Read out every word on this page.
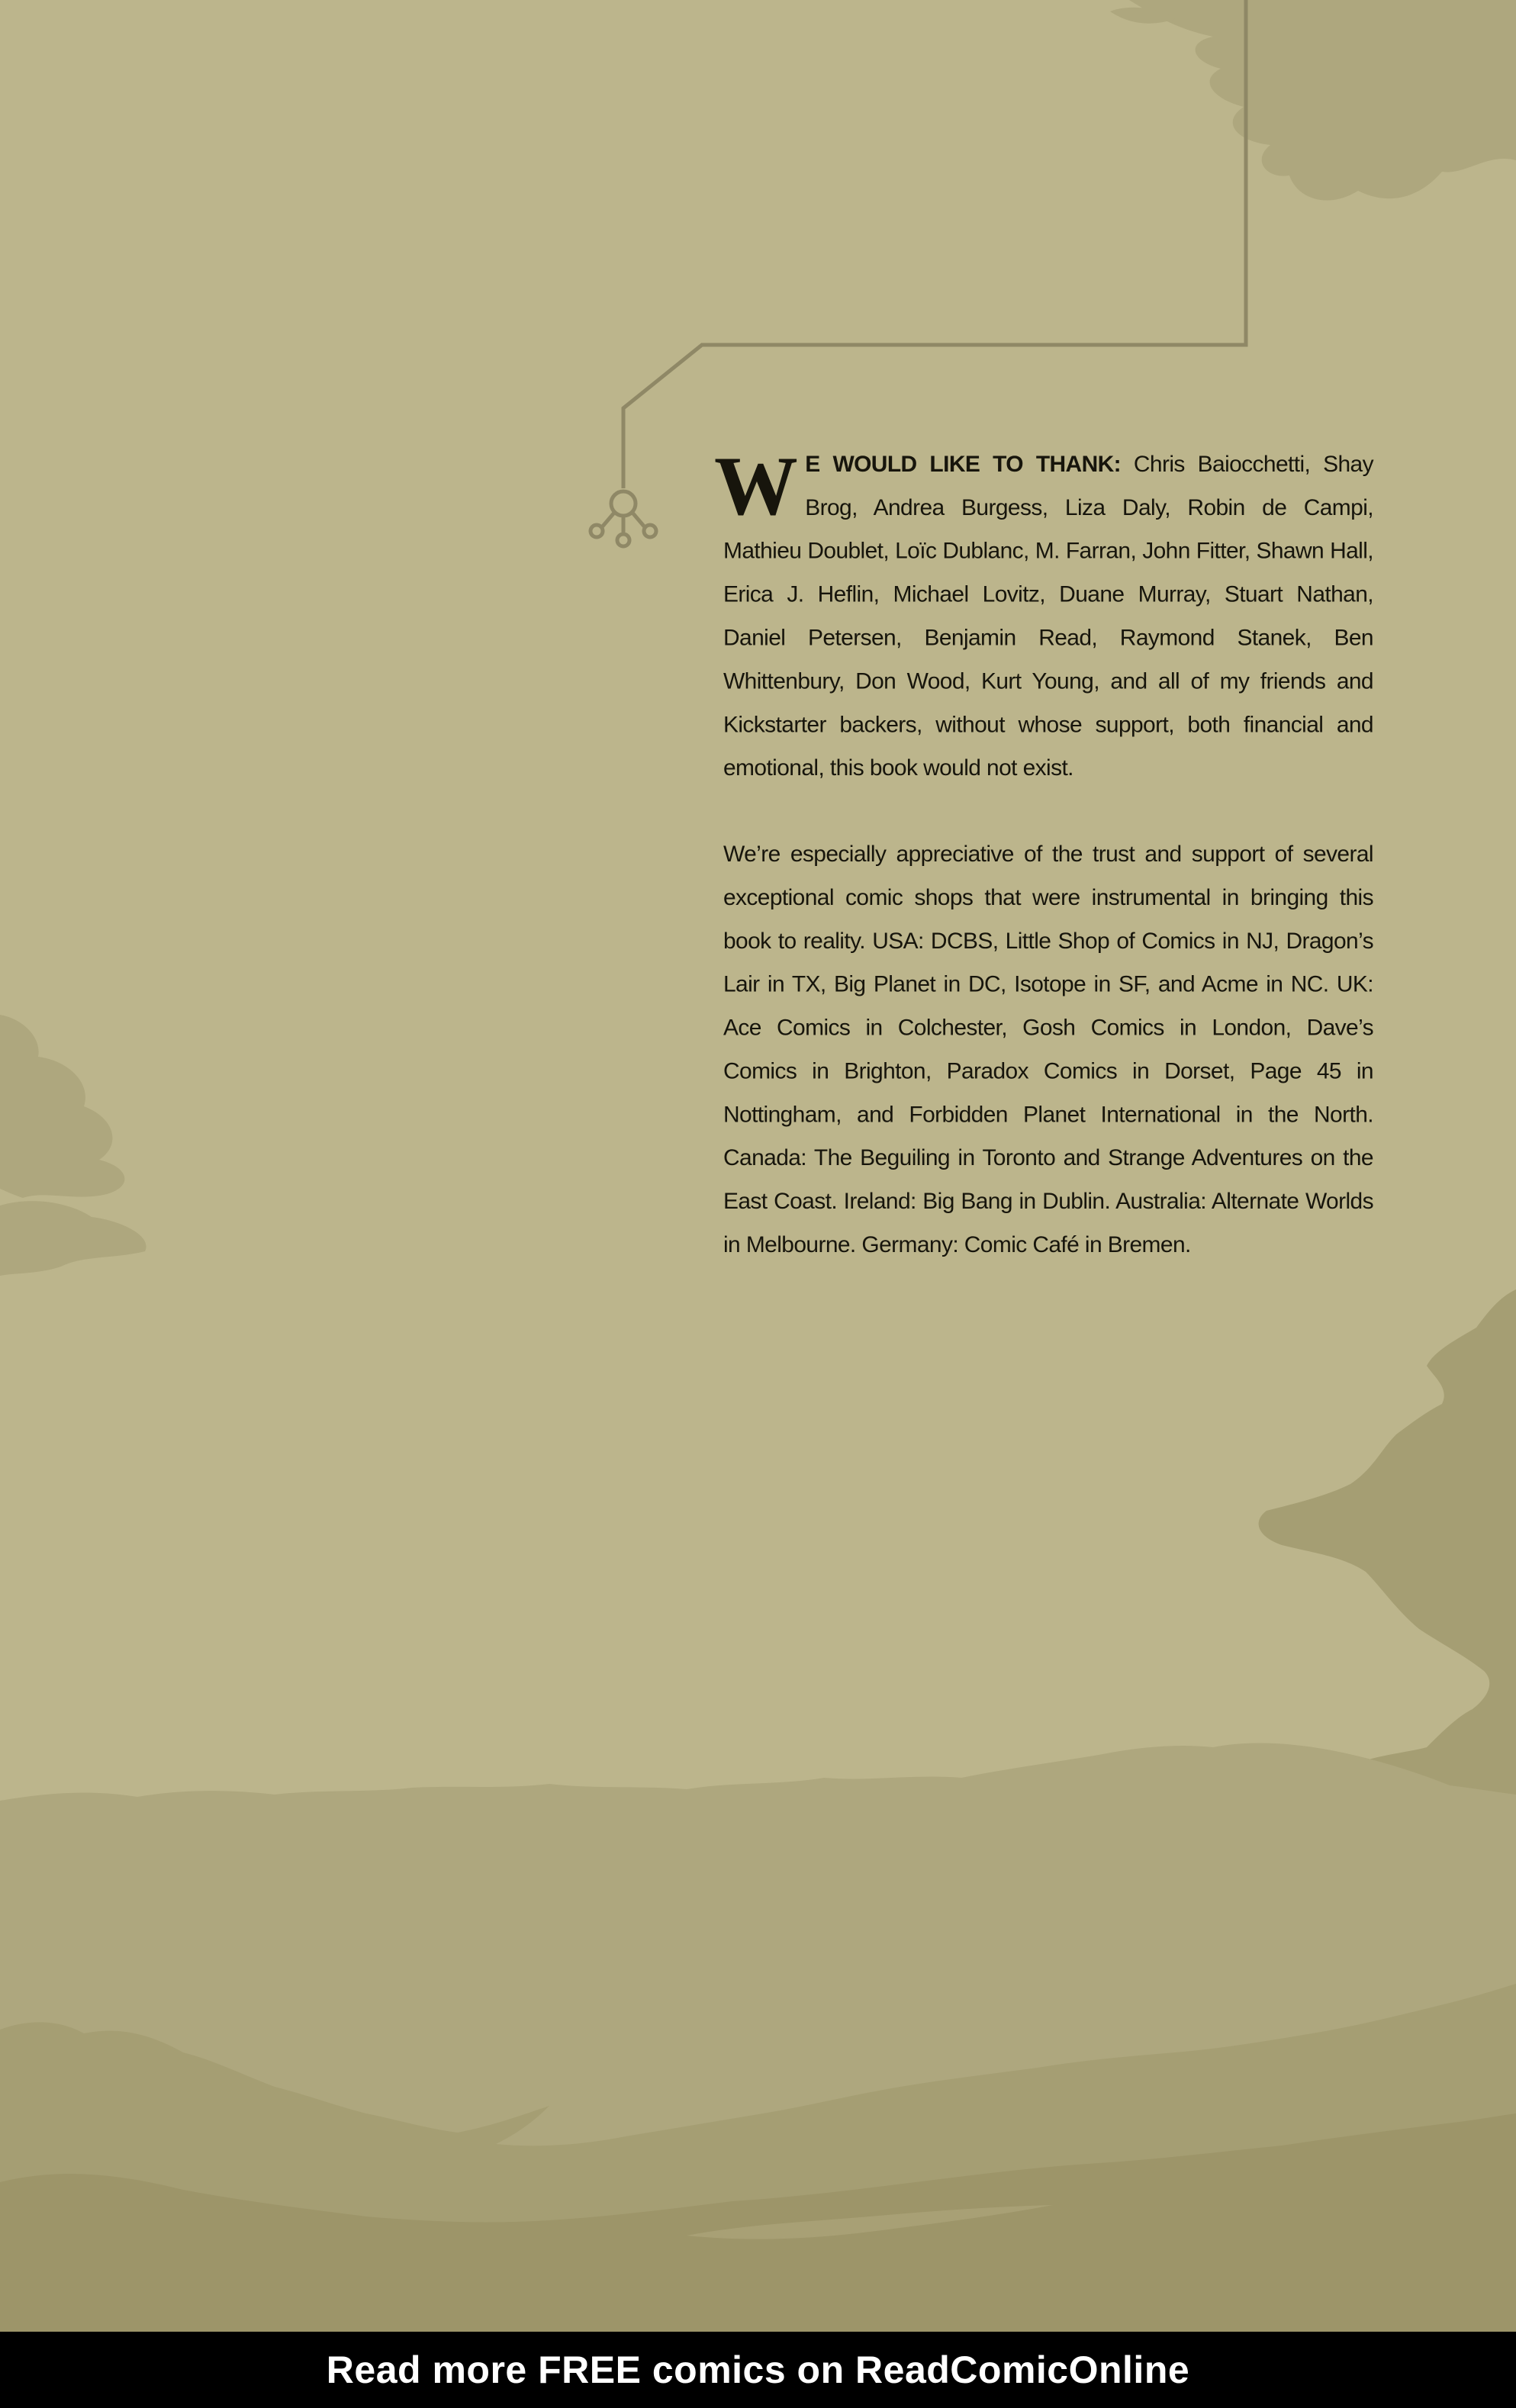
W E WOULD LIKE TO THANK: Chris Baiocchetti, Shay Brog, Andrea Burgess, Liza Daly, Robin de Campi, Mathieu Doublet, Loïc Dublanc, M. Farran, John Fitter, Shawn Hall, Erica J. Heflin, Michael Lovitz, Duane Murray, Stuart Nathan, Daniel Petersen, Benjamin Read, Raymond Stanek, Ben Whittenbury, Don Wood, Kurt Young, and all of my friends and Kickstarter backers, without whose support, both financial and emotional, this book would not exist.

We’re especially appreciative of the trust and support of several exceptional comic shops that were instrumental in bringing this book to reality. USA: DCBS, Little Shop of Comics in NJ, Dragon’s Lair in TX, Big Planet in DC, Isotope in SF, and Acme in NC. UK: Ace Comics in Colchester, Gosh Comics in London, Dave’s Comics in Brighton, Paradox Comics in Dorset, Page 45 in Nottingham, and Forbidden Planet International in the North. Canada: The Beguiling in Toronto and Strange Adventures on the East Coast. Ireland: Big Bang in Dublin. Australia: Alternate Worlds in Melbourne. Germany: Comic Café in Bremen.

Read more FREE comics on ReadComicOnline
